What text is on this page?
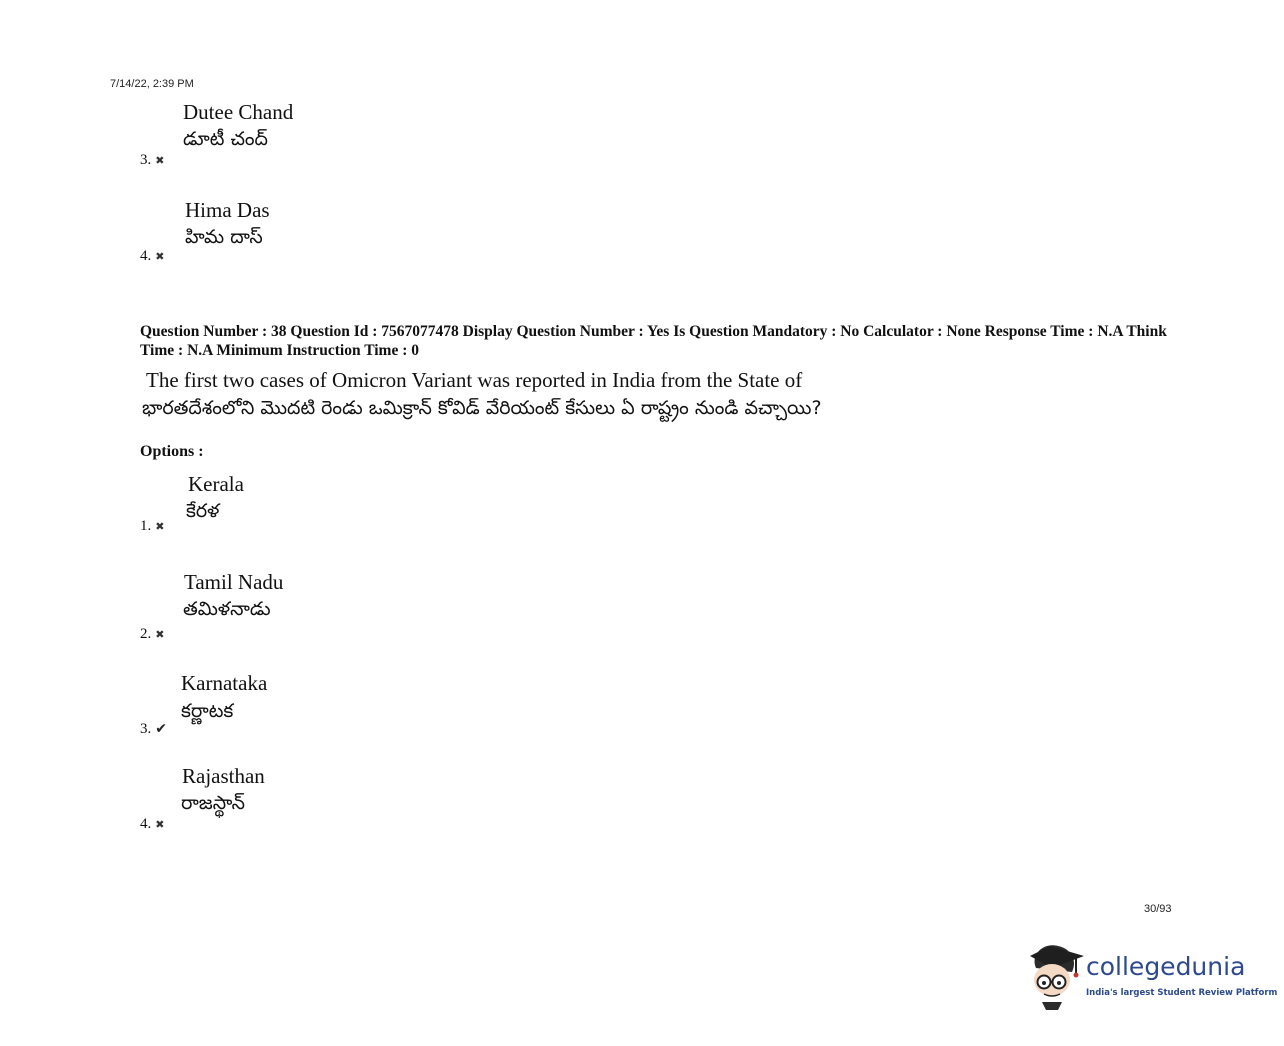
7/14/22, 2:39 PM
Dutee Chand
డూటీ చంద్
3. ✖
Hima Das
హిమ దాస్
4. ✖
Question Number : 38 Question Id : 7567077478 Display Question Number : Yes Is Question Mandatory : No Calculator : None Response Time : N.A Think Time : N.A Minimum Instruction Time : 0
The first two cases of Omicron Variant was reported in India from the State of
భారతదేశంలోని మొదటి రెండు ఒమిక్రాన్ కోవిడ్ వేరియంట్ కేసులు ఏ రాష్ట్రం నుండి వచ్చాయి?
Options :
Kerala
కేరళ
1. ✖
Tamil Nadu
తమిళనాడు
2. ✖
Karnataka
కర్ణాటక
3. ✔
Rajasthan
రాజస్థాన్
4. ✖
30/93
collegedunia
India's largest Student Review Platform
